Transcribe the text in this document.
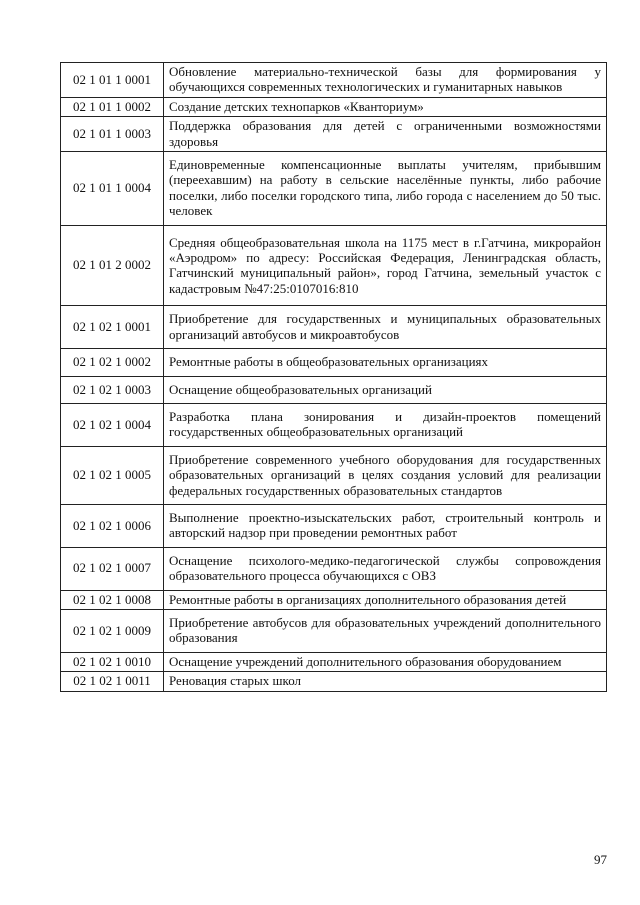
02 1 01 1 0001	Обновление материально-технической базы для формирования у обучающихся современных технологических и гуманитарных навыков
02 1 01 1 0002	Создание детских технопарков «Кванториум»
02 1 01 1 0003	Поддержка образования для детей с ограниченными возможностями здоровья
02 1 01 1 0004	Единовременные компенсационные выплаты учителям, прибывшим (переехавшим) на работу в сельские населённые пункты, либо рабочие поселки, либо поселки городского типа, либо города с населением до 50 тыс. человек
02 1 01 2 0002	Средняя общеобразовательная школа на 1175 мест в г.Гатчина, микрорайон «Аэродром» по адресу: Российская Федерация, Ленинградская область, Гатчинский муниципальный район», город Гатчина, земельный участок с кадастровым №47:25:0107016:810
02 1 02 1 0001	Приобретение для государственных и муниципальных образовательных организаций автобусов и микроавтобусов
02 1 02 1 0002	Ремонтные работы в общеобразовательных организациях
02 1 02 1 0003	Оснащение общеобразовательных организаций
02 1 02 1 0004	Разработка плана зонирования и дизайн-проектов помещений государственных общеобразовательных организаций
02 1 02 1 0005	Приобретение современного учебного оборудования для государственных образовательных организаций в целях создания условий для реализации федеральных государственных образовательных стандартов
02 1 02 1 0006	Выполнение проектно-изыскательских работ, строительный контроль и авторский надзор при проведении ремонтных работ
02 1 02 1 0007	Оснащение психолого-медико-педагогической службы сопровождения образовательного процесса обучающихся с ОВЗ
02 1 02 1 0008	Ремонтные работы в организациях дополнительного образования детей
02 1 02 1 0009	Приобретение автобусов для образовательных учреждений дополнительного образования
02 1 02 1 0010	Оснащение учреждений дополнительного образования оборудованием
02 1 02 1 0011	Реновация старых школ
97
